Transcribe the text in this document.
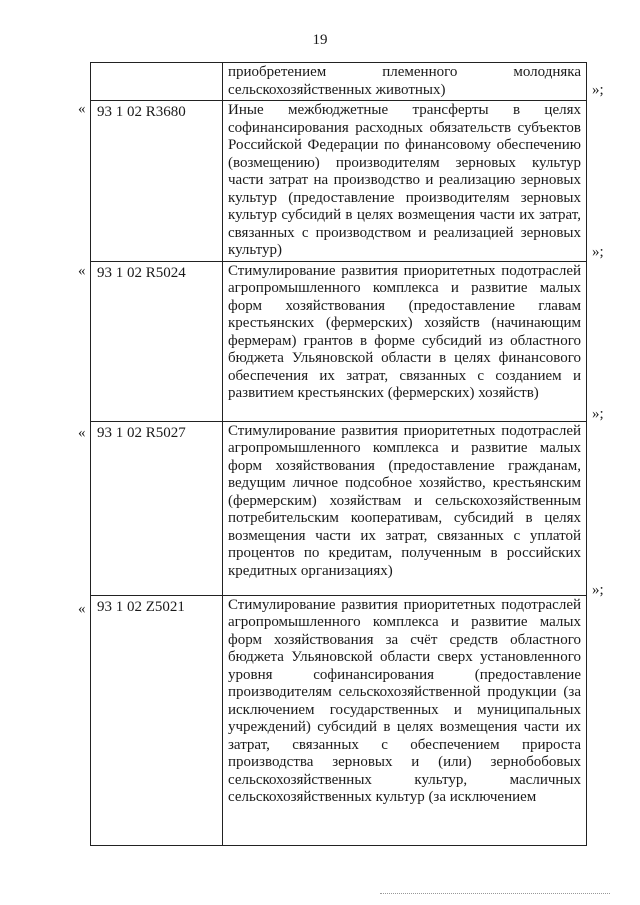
19

	приобретением племенного молодняка сельскохозяйственных животных)

93 1 02 R3680	Иные межбюджетные трансферты в целях софинансирования расходных обязательств субъектов Российской Федерации по финансовому обеспечению (возмещению) производителям зерновых культур части затрат на производство и реализацию зерновых культур (предоставление производителям зерновых культур субсидий в целях возмещения части их затрат, связанных с производством и реализацией зерновых культур)

93 1 02 R5024	Стимулирование развития приоритетных подотраслей агропромышленного комплекса и развитие малых форм хозяйствования (предоставление главам крестьянских (фермерских) хозяйств (начинающим фермерам) грантов в форме субсидий из областного бюджета Ульяновской области в целях финансового обеспечения их затрат, связанных с созданием и развитием крестьянских (фермерских) хозяйств)

93 1 02 R5027	Стимулирование развития приоритетных подотраслей агропромышленного комплекса и развитие малых форм хозяйствования (предоставление гражданам, ведущим личное подсобное хозяйство, крестьянским (фермерским) хозяйствам и сельскохозяйственным потребительским кооперативам, субсидий в целях возмещения части их затрат, связанных с уплатой процентов по кредитам, полученным в российских кредитных организациях)

93 1 02 Z5021	Стимулирование развития приоритетных подотраслей агропромышленного комплекса и развитие малых форм хозяйствования за счёт средств областного бюджета Ульяновской области сверх установленного уровня софинансирования (предоставление производителям сельскохозяйственной продукции (за исключением государственных и муниципальных учреждений) субсидий в целях возмещения части их затрат, связанных с обеспечением прироста производства зерновых и (или) зернобобовых сельскохозяйственных культур, масличных сельскохозяйственных культур (за исключением
«
«
«
«
»;
»;
»;
»;
